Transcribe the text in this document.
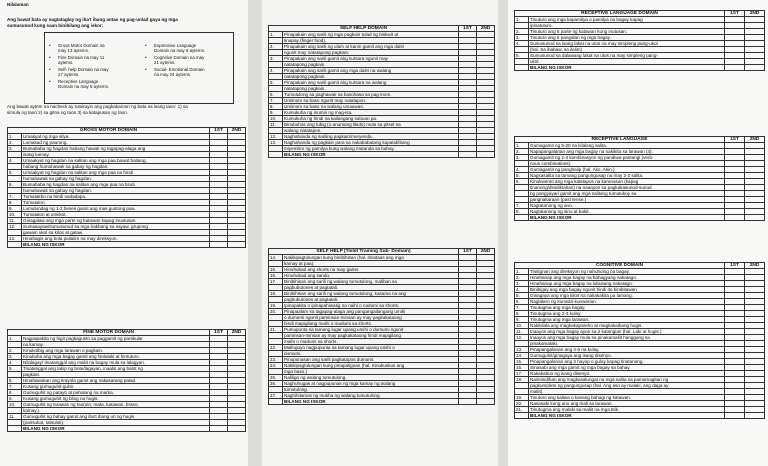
Nilalaman
Ang bawat bata ay nagtataglay ng iba't ibang antas ng pag-unlad gaya ng mga
sumusunod kung saan binibilang ang iskor;
• Gross Motor Domain na
may 13 aytems.
• Fine Domain na may 11
aytems.
• Self- help Domain na may
27 aytems.
• Receptive Language
Domain na may 5 aytems.
• Expressive Language
Domain na may 8 aytems.
• Cognitive Domain na may
21 aytems.
• Social- Emotional Domain
na may 24 aytems.
Ang bawat aytem na nacheck ay tutukuyin ang pagkakaroon ng bata sa isang taon: 1) sa
simula ng taon 2) sa gitna ng taon 3) sa katapusan ng taon.
GROSS MOTOR DOMAIN		1ST	2ND
1.	Umakyat ng mga silya.		
2.	Lumakad ng paurong.		
3.	Bumababa ng hagdan habang hawak ng tagapag-alaga ang		
	isang kamay.		
4.	Umaakyat ng hagdan na salitan ang mga paa bawat baitang,		
	habang humahawak sa gabay ng hagdan.		
5.	Umaakyat ng hagdan na salitan ang mga paa na hindi		
	humahawak sa gabay ng hagdan.		
6.	Bumababa ng hagdan na salitan ang mga paa na hindi		
	humahawak sa gabay ng hagdan.		
7.	Tumatakbo na hindi nadadapa.		
8.	Tumatalon.		
9.	Lumulundag ng 1-3 beses gamit ang mas gustong paa.		
10.	Tumatalon at umiikot.		
11.	Ginagalaw ang mga parte ng katawan kapag inuutusan.		
12.	Sumasayaw/sumusunod sa mga hakbang sa sayaw, grupong		
	gawain ukol sa kilos at galaw.		
13.	Hinahagis ang bola pailalim na may direksyon.		
	BILANG NG ISKOR		
FINE MOTOR DOMAIN		1ST	2ND
1.	Nagpapakita ng higit pagkagusto sa paggamit ng partikular		
	na kamay.		
2.	Kinukolbig ang mga larawan o pagkain.		
3.	Kinukuha ang mga bagay gamit ang hinlalaki at hintuturo.		
4.	Nilalagay/ tinatanggal ang maliit na bagay mula sa lalagyan.		
5.	Tinatanggal ang takip ng bote/lagayan, inaalis ang balot ng		
	pagkain.		
6.	Hinahawakan ang krayola gamit ang nakasarang palad.		
7.	Kusang gumuguhit-guhit.		
8.	Gumuguhit ng patayo at pahalang na marka.		
9.	Kusang gumuguhit ng bilog na hugis.		
10.	Gumuguhit ng larawan ng tao(ulo, mata, katawan, braso,		
	kamay,).		
11.	Gumuguhit ng bahay gamit ang iba't ibang uri ng hugis		
	(parisukat, tatsulok).		
	BILANG NG ISKOR		
SELF HELP DOMAIN		1ST	2ND
1.	Pinapakain ang sarili ng mga pagkain tulad ng biskwit at		
	tinapay (finger food).		
2.	Pinapakain ang sarili ng ulam at kanin gamit ang mga daliri		
	ngunit may natatapong pagkain.		
3.	Pinapakain ang sarili gamit ang kutsara ngunit may		
	natatapong pagkain.		
4.	Pinapakain ang sarili gamit ang mga daliri na walang		
	natatapong pagkain.		
5.	Pinapakain ang sarili gamit ang kutsara na walang		
	natatapong pagkain.		
6.	Tumutulong sa paghawak sa baso/tasa sa pag-inom.		
7.	Umiinom sa baso ngunit may natatapon.		
8.	Umiinom sa baso na walang umaawas.		
9.	Kumukuha ng inumin ng mag-isa.		
10.	Kumukuha ng hindi na kailangang subuan pa.		
11.	Binubuhos ang tubig (o anumang likido) mula sa pitsel na		
	walang natatapon.		
12.	Naghahanda ng sariling pagkain/meryenda.		
13.	Naghahanda ng pagkain para sa nakababatang kapatid/ibang		
	miyembro ng pamilya kung walang matanda sa bahay.		
	BILANG NG ISKOR		
SELF HELP (Toilet Training Sub- Domain)		1ST	2ND
14.	Nakikipagtulungan kung binibihisan (hal. itinataas ang mga		
	kamay at paa).		
15.	Hinuhubad ang shorts na may garter.		
16.	Hinuhubad ang sando.		
17.	Binibihisan ang sarili ng walang tumutulong, maliban sa		
	pagbubutones at pagtatali.		
18.	Binibihisan ang sarili ng walang tumutulong, kasama na ang		
	pagbubutones at pagtatali.		
19.	Ipinapakita o ipinapahiwatig na naihi o nadumi sa shorts.		
20.	Pinapaalam sa tagapag-alaga ang pangangailangang umihi		
	o dumumi ngunit paminsan-minsan ay may pagkakataong		
	hindi mapigilang maihi o madumi sa shorts.		
21.	Pumupunta sa tamang lugar upang umihi o dumumi ngunit		
	paminsan-minsan ay may pagkakataong hindi mapigilang		
	maihi o madumi sa shorts.		
22.	Malinguyo nagpupunta sa tamang lugar upang umihi o		
	dumumi.		
23.	Pinupunasan ang sarili pagkatapos dumumi.		
24.	Nakikipagtulungan kung pinapaliguan (hal. Kinukuskus ang		
	mga baso.)		
25.	Naliligo ng walang tumutulong.		
26.	Naghuhugas at nagpupunas ng mga kamay ng walang		
	tumutulong.		
27.	Naghihilamos ng mukha ng walang tumutulong.		
	BILANG NG ISKOR		
RECEPTIVE LANGUAGE DOMAIN		1ST	2ND
1.	Tinuturo ang mga kapamilya o pamilya na bagay kapag		
	ipinatuturo.		
2.	Tinuturo ang 5 parte ng katawan kung inutusan.		
3.	Tinuturo ang 5 pangalan ng mga bagay.		
4.	Sumusunod sa isang lakat na utos na may simpleng pang-ukol		
	(hal. Sa ibabaw, sa ilalim)		
5.	Sumusunod sa dalawang lakat na utos na may simpleng pang-		
	ukol.		
	BILANG NG ISKOR		
RECEPTIVE LANGUAGE		1ST	2ND
1.	Gumagamit ng 5-20 na kilalang salita.		
2.	Napapangalanan ang mga bagay na nakikita sa larawan (4).		
3.	Gumagamit ng 2-3 kombinasyon ng pandiwa-pantangi (verb-		
	noun combinations).		
4.	Gumagamit ng panghalip (hal. Ako, Akin.)		
5.	Nagsasalita sa tamang pangungusap na may 2-3 salita.		
6.	Kinukwento ang mga kalatapos na karanasan (kapag		
	tinanong/dinidiktahan) na naaayon sa pagkakasunod-sunod		
	ng pangyayari gamit ang mga salitang tumutukoy sa		
	pangnakaraan (past tense.)		
7.	Nagtatanong ng ano.		
8.	Nagtatanong ng sino at bakit.		
	BILANG NG ISKOR		
COGNITIVE DOMAIN		1ST	2ND
1.	Tinitignan ang direksyon ng nahuhulog na bagay.		
2.	Hinahanap ang mga bagay na bahagyang nakatago.		
3.	Hinahanap ang mga bagay na lubusang nakatago.		
4.	Binibigay ang mga bagay ngunit hindi ito binibitawan.		
5.	Ginagaya ang mga kilos na nakakakita pa lamang.		
6.	Naglalaro ng kunwari-kunwarian.		
7.	Tinutugma ang mga bagay.		
8.	Tinutugma ang 2-3 kulay.		
9.	Tinutugma ang mga larawan.		
10.	Nakikilala ang magkakapareho at magkakaibang hugis.		
11.	Inaayos ang mga bagay ayon sa 2 katangian (hal. Laki at hugis.)		
12.	Inaayos ang mga bagay mula sa pinakamaliit hanggang sa		
	pinakamalaki.		
13.	Pinapangalanan ang 4-6 na kulay.		
14.	Gumuguhit/ginagaya ang isang disenyo.		
15.	Pinapangalanan ang 3 hayop o gulay kapag tinatanong.		
16.	Sinasabi ang mga gamit ng mga bagay sa bahay.		
17.	Nakakabuo ng isang disenyo.		
18.	Naiintindihan ang magkasalungat na mga salita sa pamamagitan ng		
	pagkumpleto ng pangungusap (hal. Ang aso ay malaki, ang daga ay		
	maliit).		
19.	Tinuturo ang kaliwa o kanang bahagi ng katawan.		
20.	Nasasabi kung ano ang mali sa larawan.		
21.	Tinutugma ang malaki sa maliit na mga titik.		
	BILANG NG ISKOR		
